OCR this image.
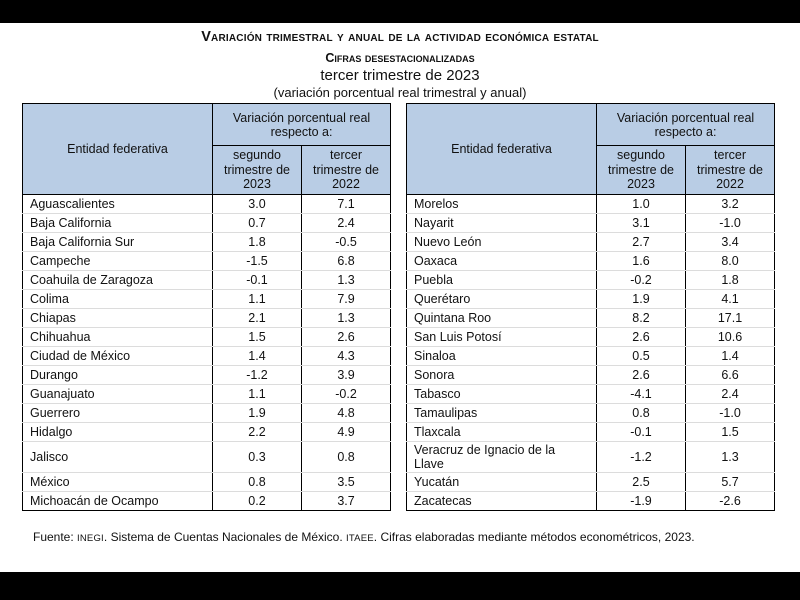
Variación trimestral y anual de la actividad económica estatal
Cifras desestacionalizadas
tercer trimestre de 2023
(variación porcentual real trimestral y anual)
Entidad federativa	Variación porcentual real respecto a:	
	segundo trimestre de 2023	tercer trimestre de 2022
Aguascalientes	3.0	7.1
Baja California	0.7	2.4
Baja California Sur	1.8	-0.5
Campeche	-1.5	6.8
Coahuila de Zaragoza	-0.1	1.3
Colima	1.1	7.9
Chiapas	2.1	1.3
Chihuahua	1.5	2.6
Ciudad de México	1.4	4.3
Durango	-1.2	3.9
Guanajuato	1.1	-0.2
Guerrero	1.9	4.8
Hidalgo	2.2	4.9
Jalisco	0.3	0.8
México	0.8	3.5
Michoacán de Ocampo	0.2	3.7
Entidad federativa	Variación porcentual real respecto a:	
	segundo trimestre de 2023	tercer trimestre de 2022
Morelos	1.0	3.2
Nayarit	3.1	-1.0
Nuevo León	2.7	3.4
Oaxaca	1.6	8.0
Puebla	-0.2	1.8
Querétaro	1.9	4.1
Quintana Roo	8.2	17.1
San Luis Potosí	2.6	10.6
Sinaloa	0.5	1.4
Sonora	2.6	6.6
Tabasco	-4.1	2.4
Tamaulipas	0.8	-1.0
Tlaxcala	-0.1	1.5
Veracruz de Ignacio de la Llave	-1.2	1.3
Yucatán	2.5	5.7
Zacatecas	-1.9	-2.6
Fuente: INEGI. Sistema de Cuentas Nacionales de México. ITAEE. Cifras elaboradas mediante métodos econométricos, 2023.
